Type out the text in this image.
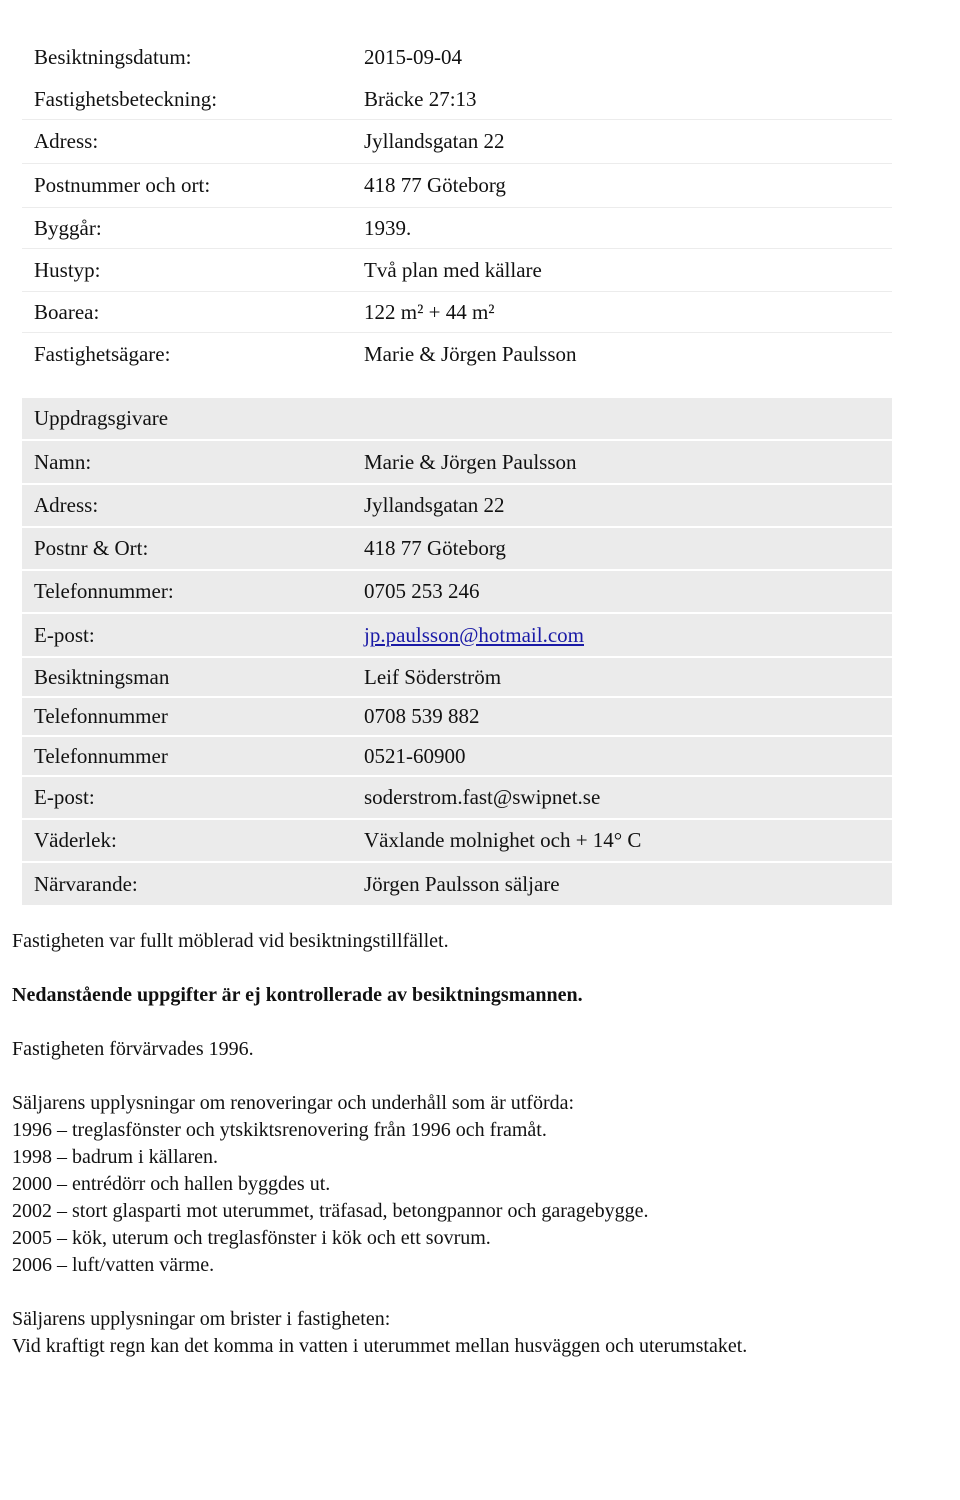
Besiktningsdatum:	2015-09-04
Fastighetsbeteckning:	Bräcke 27:13
Adress:	Jyllandsgatan 22
Postnummer och ort:	418 77 Göteborg
Byggår:	1939.
Hustyp:	Två plan med källare
Boarea:	122 m² + 44 m²
Fastighetsägare:	Marie & Jörgen Paulsson
Uppdragsgivare
Namn:	Marie & Jörgen Paulsson
Adress:	Jyllandsgatan 22
Postnr & Ort:	418 77 Göteborg
Telefonnummer:	0705 253 246
E-post:	jp.paulsson@hotmail.com
Besiktningsman	Leif Söderström
Telefonnummer	0708 539 882
Telefonnummer	0521-60900
E-post:	soderstrom.fast@swipnet.se
Väderlek:	Växlande molnighet och + 14° C
Närvarande:	Jörgen Paulsson säljare

Fastigheten var fullt möblerad vid besiktningstillfället.

Nedanstående uppgifter är ej kontrollerade av besiktningsmannen.

Fastigheten förvärvades 1996.

Säljarens upplysningar om renoveringar och underhåll som är utförda:

1996 – treglasfönster och ytskiktsrenovering från 1996 och framåt.

1998 – badrum i källaren.

2000 – entrédörr och hallen byggdes ut.

2002 – stort glasparti mot uterummet, träfasad, betongpannor och garagebygge.

2005 – kök, uterum och treglasfönster i kök och ett sovrum.

2006 – luft/vatten värme.

Säljarens upplysningar om brister i fastigheten:

Vid kraftigt regn kan det komma in vatten i uterummet mellan husväggen och uterumstaket.
